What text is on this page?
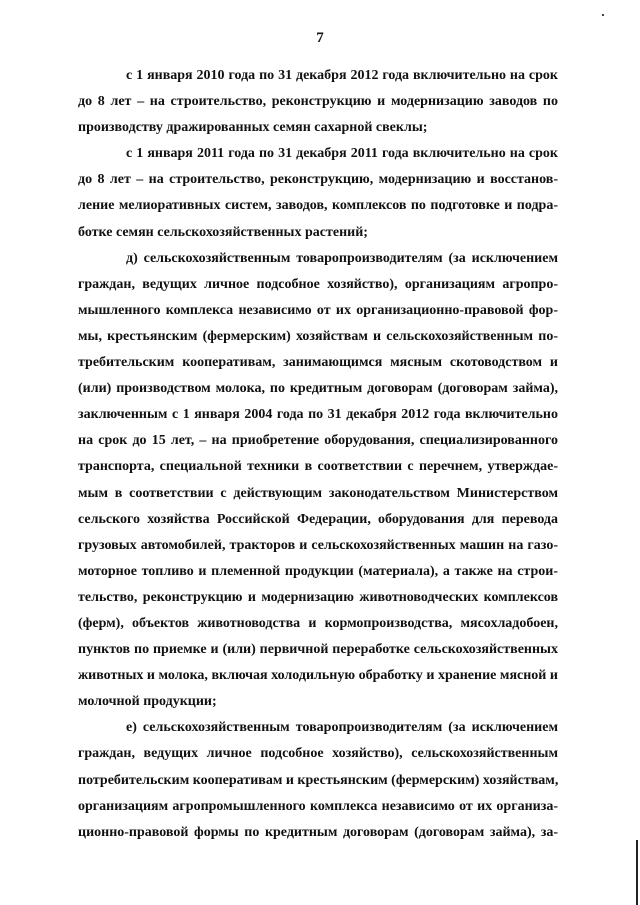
7
с 1 января 2010 года по 31 декабря 2012 года включительно на срок
до 8 лет – на строительство, реконструкцию и модернизацию заводов по
производству дражированных семян сахарной свеклы;
с 1 января 2011 года по 31 декабря 2011 года включительно на срок
до 8 лет – на строительство, реконструкцию, модернизацию и восстанов-
ление мелиоративных систем, заводов, комплексов по подготовке и подра-
ботке семян сельскохозяйственных растений;
д) сельскохозяйственным товаропроизводителям (за исключением
граждан, ведущих личное подсобное хозяйство), организациям агропро-
мышленного комплекса независимо от их организационно-правовой фор-
мы, крестьянским (фермерским) хозяйствам и сельскохозяйственным по-
требительским кооперативам, занимающимся мясным скотоводством и
(или) производством молока, по кредитным договорам (договорам займа),
заключенным с 1 января 2004 года по 31 декабря 2012 года включительно
на срок до 15 лет, – на приобретение оборудования, специализированного
транспорта, специальной техники в соответствии с перечнем, утверждае-
мым в соответствии с действующим законодательством Министерством
сельского хозяйства Российской Федерации, оборудования для перевода
грузовых автомобилей, тракторов и сельскохозяйственных машин на газо-
моторное топливо и племенной продукции (материала), а также на строи-
тельство, реконструкцию и модернизацию животноводческих комплексов
(ферм), объектов животноводства и кормопроизводства, мясохладобоен,
пунктов по приемке и (или) первичной переработке сельскохозяйственных
животных и молока, включая холодильную обработку и хранение мясной и
молочной продукции;
е) сельскохозяйственным товаропроизводителям (за исключением
граждан, ведущих личное подсобное хозяйство), сельскохозяйственным
потребительским кооперативам и крестьянским (фермерским) хозяйствам,
организациям агропромышленного комплекса независимо от их организа-
ционно-правовой формы по кредитным договорам (договорам займа), за-
